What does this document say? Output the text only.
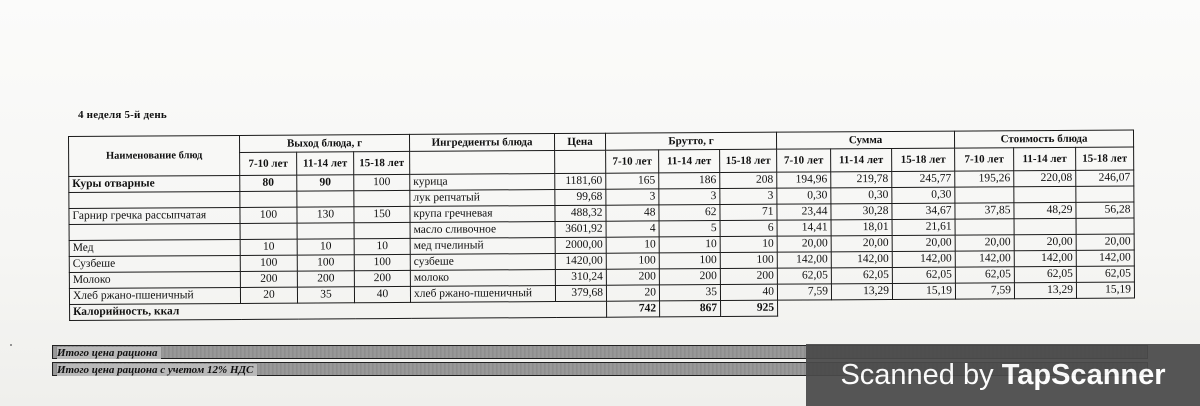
4 неделя 5-й день
Наименование блюд	Выход блюда, г			Ингредиенты блюда	Цена	Брутто, г			Сумма			Стоимость блюда		
	7-10 лет	11-14 лет	15-18 лет			7-10 лет	11-14 лет	15-18 лет	7-10 лет	11-14 лет	15-18 лет	7-10 лет	11-14 лет	15-18 лет
Куры отварные	80	90	100	курица	1181,60	165	186	208	194,96	219,78	245,77	195,26	220,08	246,07
				лук репчатый	99,68	3	3	3	0,30	0,30	0,30			
Гарнир гречка рассыпчатая	100	130	150	крупа гречневая	488,32	48	62	71	23,44	30,28	34,67	37,85	48,29	56,28
				масло сливочное	3601,92	4	5	6	14,41	18,01	21,61			
Мед	10	10	10	мед пчелиный	2000,00	10	10	10	20,00	20,00	20,00	20,00	20,00	20,00
Сузбеше	100	100	100	сузбеше	1420,00	100	100	100	142,00	142,00	142,00	142,00	142,00	142,00
Молоко	200	200	200	молоко	310,24	200	200	200	62,05	62,05	62,05	62,05	62,05	62,05
Хлеб ржано-пшеничный	20	35	40	хлеб ржано-пшеничный	379,68	20	35	40	7,59	13,29	15,19	7,59	13,29	15,19
Калорийность, ккал						742	867	925						
Итого цена рациона
Итого цена рациона с учетом 12% НДС	Scanned by TapScanner
